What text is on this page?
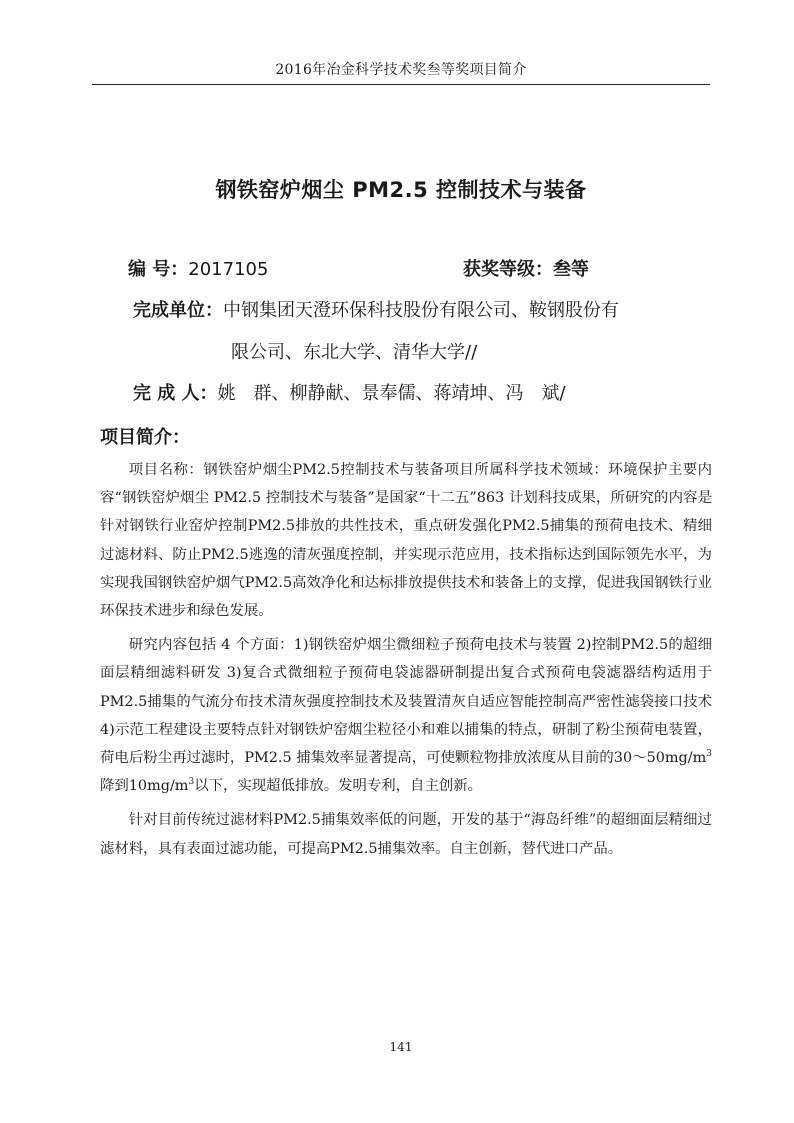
2016年冶金科学技术奖叁等奖项目简介
钢铁窑炉烟尘 PM2.5 控制技术与装备
编 号：2017105	获奖等级：叁等
完成单位：中钢集团天澄环保科技股份有限公司、鞍钢股份有
限公司、东北大学、清华大学//
完 成 人：姚　群、柳静献、景奉儒、蒋靖坤、冯　斌/
项目简介：

项目名称：钢铁窑炉烟尘PM2.5控制技术与装备项目所属科学技术领域：环境保护主要内容“钢铁窑炉烟尘 PM2.5 控制技术与装备”是国家“十二五”863 计划科技成果，所研究的内容是针对钢铁行业窑炉控制PM2.5排放的共性技术，重点研发强化PM2.5捕集的预荷电技术、精细过滤材料、防止PM2.5逃逸的清灰强度控制，并实现示范应用，技术指标达到国际领先水平，为实现我国钢铁窑炉烟气PM2.5高效净化和达标排放提供技术和装备上的支撑，促进我国钢铁行业环保技术进步和绿色发展。

研究内容包括 4 个方面：1)钢铁窑炉烟尘微细粒子预荷电技术与装置 2)控制PM2.5的超细面层精细滤料研发 3)复合式微细粒子预荷电袋滤器研制提出复合式预荷电袋滤器结构适用于PM2.5捕集的气流分布技术清灰强度控制技术及装置清灰自适应智能控制高严密性滤袋接口技术 4)示范工程建设主要特点针对钢铁炉窑烟尘粒径小和难以捕集的特点，研制了粉尘预荷电装置，荷电后粉尘再过滤时，PM2.5 捕集效率显著提高，可使颗粒物排放浓度从目前的$30\sim 50mg/m^3$降到$10mg/m^3$以下，实现超低排放。发明专利，自主创新。

针对目前传统过滤材料PM2.5捕集效率低的问题，开发的基于“海岛纤维”的超细面层精细过滤材料，具有表面过滤功能，可提高PM2.5捕集效率。自主创新，替代进口产品。

141
